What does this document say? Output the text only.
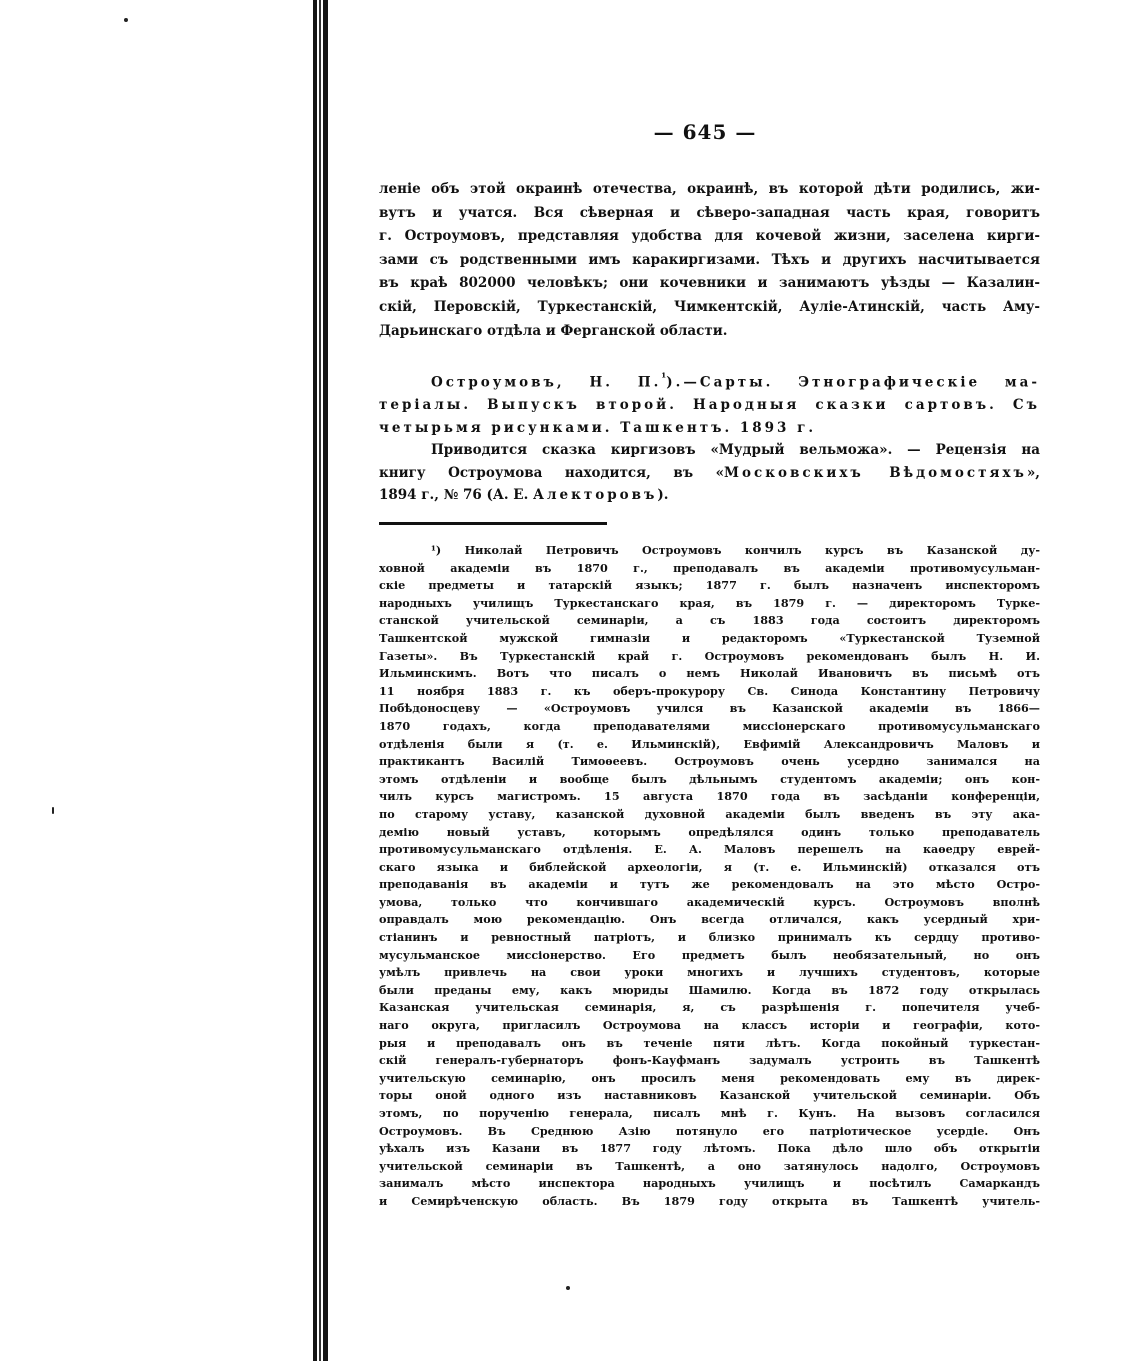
— 645 —

леніе объ этой окраинѣ отечества, окраинѣ, въ которой дѣти родились, жи-

вутъ и учатся. Вся сѣверная и сѣверо-западная часть края, говоритъ

г. Остроумовъ, представляя удобства для кочевой жизни, заселена кирги-

зами съ родственными имъ каракиргизами. Тѣхъ и другихъ насчитывается

въ краѣ 802000 человѣкъ; они кочевники и занимаютъ уѣзды — Казалин-

скій, Перовскій, Туркестанскій, Чимкентскій, Ауліе-Атинскій, часть Аму-

Дарьинскаго отдѣла и Ферганской области.

Остроумовъ, Н. П.$^{^1}$).—Сарты. Этнографическіе ма-

теріалы. Выпускъ второй. Народныя сказки сартовъ. Съ

четырьмя рисунками. Ташкентъ. 1893 г.

Приводится сказка киргизовъ «Мудрый вельможа». — Рецензія на

книгу Остроумова находится, въ «Московскихъ Вѣдомостяхъ»,

1894 г., № 76 (А. Е. Алекторовъ).

¹) Николай Петровичъ Остроумовъ кончилъ курсъ въ Казанской ду-

ховной академіи въ 1870 г., преподавалъ въ академіи противомусульман-

скіе предметы и татарскій языкъ; 1877 г. былъ назначенъ инспекторомъ

народныхъ училищъ Туркестанскаго края, въ 1879 г. — директоромъ Турке-

станской учительской семинаріи, а съ 1883 года состоитъ директоромъ

Ташкентской мужской гимназіи и редакторомъ «Туркестанской Туземной

Газеты». Въ Туркестанскій край г. Остроумовъ рекомендованъ былъ Н. И.

Ильминскимъ. Вотъ что писалъ о немъ Николай Ивановичъ въ письмѣ отъ

11 ноября 1883 г. къ оберъ-прокурору Св. Синода Константину Петровичу

Побѣдоносцеву — «Остроумовъ учился въ Казанской академіи въ 1866—

1870 годахъ, когда преподавателями миссіонерскаго противомусульманскаго

отдѣленія были я (т. е. Ильминскій), Евфимій Александровичъ Маловъ и

практикантъ Василій Тимоѳеевъ. Остроумовъ очень усердно занимался на

этомъ отдѣленіи и вообще былъ дѣльнымъ студентомъ академіи; онъ кон-

чилъ курсъ магистромъ. 15 августа 1870 года въ засѣданіи конференціи,

по старому уставу, казанской духовной академіи былъ введенъ въ эту ака-

демію новый уставъ, которымъ опредѣлялся одинъ только преподаватель

противомусульманскаго отдѣленія. Е. А. Маловъ перешелъ на каѳедру еврей-

скаго языка и библейской археологіи, я (т. е. Ильминскій) отказался отъ

преподаванія въ академіи и тутъ же рекомендовалъ на это мѣсто Остро-

умова, только что кончившаго академическій курсъ. Остроумовъ вполнѣ

оправдалъ мою рекомендацію. Онъ всегда отличался, какъ усердный хри-

стіанинъ и ревностный патріотъ, и близко принималъ къ сердцу противо-

мусульманское миссіонерство. Его предметъ былъ необязательный, но онъ

умѣлъ привлечь на свои уроки многихъ и лучшихъ студентовъ, которые

были преданы ему, какъ мюриды Шамилю. Когда въ 1872 году открылась

Казанская учительская семинарія, я, съ разрѣшенія г. попечителя учеб-

наго округа, пригласилъ Остроумова на классъ исторіи и географіи, кото-

рыя и преподавалъ онъ въ теченіе пяти лѣтъ. Когда покойный туркестан-

скій генералъ-губернаторъ фонъ-Кауфманъ задумалъ устроить въ Ташкентѣ

учительскую семинарію, онъ просилъ меня рекомендовать ему въ дирек-

торы оной одного изъ наставниковъ Казанской учительской семинаріи. Объ

этомъ, по порученію генерала, писалъ мнѣ г. Кунъ. На вызовъ согласился

Остроумовъ. Въ Среднюю Азію потянуло его патріотическое усердіе. Онъ

уѣхалъ изъ Казани въ 1877 году лѣтомъ. Пока дѣло шло объ открытіи

учительской семинаріи въ Ташкентѣ, а оно затянулось надолго, Остроумовъ

занималъ мѣсто инспектора народныхъ училищъ и посѣтилъ Самаркандъ

и Семирѣченскую область. Въ 1879 году открыта въ Ташкентѣ учитель-
